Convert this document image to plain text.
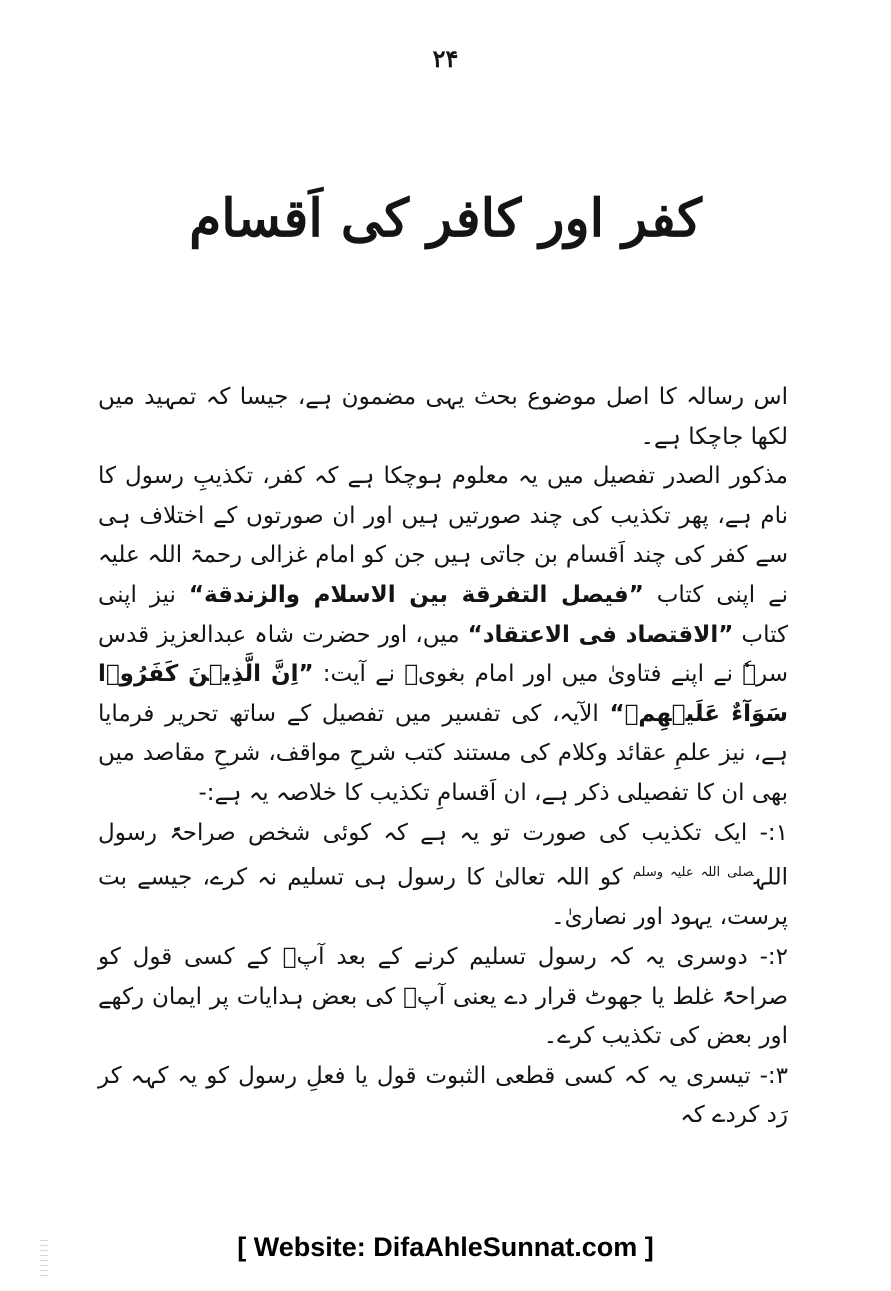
۲۴
کفر اور کافر کی اَقسام

اس رسالہ کا اصل موضوع بحث یہی مضمون ہے، جیسا کہ تمہید میں لکھا جاچکا ہے۔

مذکور الصدر تفصیل میں یہ معلوم ہوچکا ہے کہ کفر، تکذیبِ رسول کا نام ہے، پھر تکذیب کی چند صورتیں ہیں اور ان صورتوں کے اختلاف ہی سے کفر کی چند اَقسام بن جاتی ہیں جن کو امام غزالی رحمۃ اللہ علیہ نے اپنی کتاب ”فیصل التفرقة بین الاسلام والزندقة“ نیز اپنی کتاب ”الاقتصاد فی الاعتقاد“ میں، اور حضرت شاہ عبدالعزیز قدس سرہٗ نے اپنے فتاویٰ میں اور امام بغویؒ نے آیت: ”اِنَّ الَّذِیۡنَ کَفَرُوۡا سَوَآءٌ عَلَیۡهِمۡ“ الآیہ، کی تفسیر میں تفصیل کے ساتھ تحریر فرمایا ہے، نیز علمِ عقائد وکلام کی مستند کتب شرحِ مواقف، شرحِ مقاصد میں بھی ان کا تفصیلی ذکر ہے، ان اَقسامِ تکذیب کا خلاصہ یہ ہے:-

۱:- ایک تکذیب کی صورت تو یہ ہے کہ کوئی شخص صراحۃً رسول اللہ$^{صلی اللہ علیہ وسلم}$ کو اللہ تعالیٰ کا رسول ہی تسلیم نہ کرے، جیسے بت پرست، یہود اور نصاریٰ۔

۲:- دوسری یہ کہ رسول تسلیم کرنے کے بعد آپؐ کے کسی قول کو صراحۃً غلط یا جھوٹ قرار دے یعنی آپؐ کی بعض ہدایات پر ایمان رکھے اور بعض کی تکذیب کرے۔

۳:- تیسری یہ کہ کسی قطعی الثبوت قول یا فعلِ رسول کو یہ کہہ کر رَد کردے کہ

[ Website: DifaAhleSunnat.com ]
